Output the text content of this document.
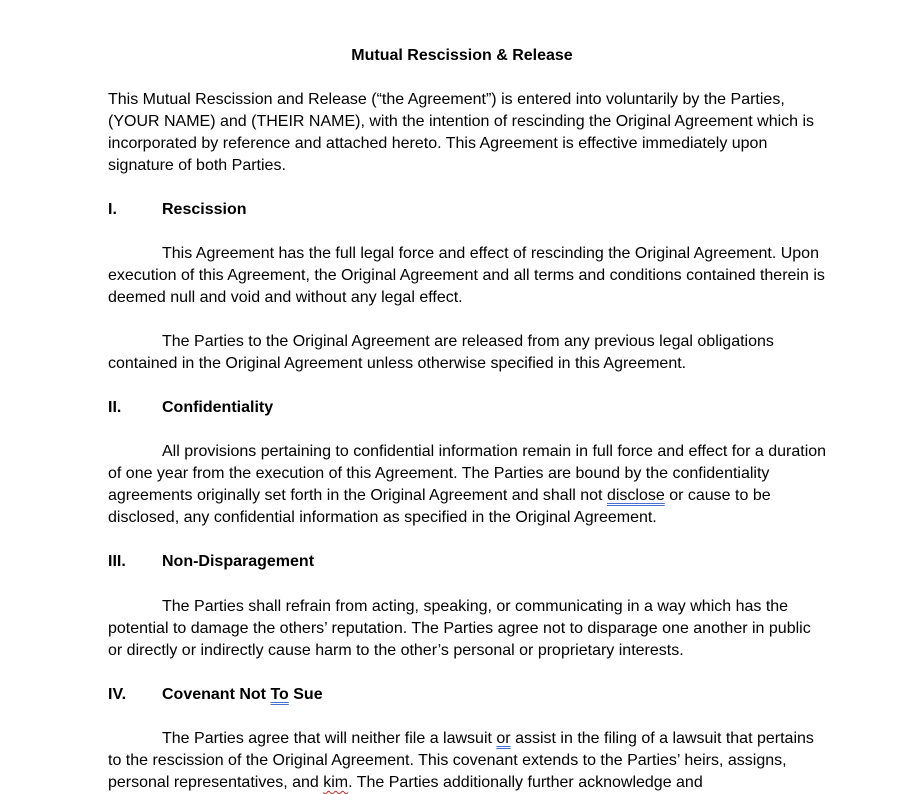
Mutual Rescission & Release
This Mutual Rescission and Release (“the Agreement”) is entered into voluntarily by the Parties, (YOUR NAME) and (THEIR NAME), with the intention of rescinding the Original Agreement which is incorporated by reference and attached hereto. This Agreement is effective immediately upon signature of both Parties.
I.	Rescission
This Agreement has the full legal force and effect of rescinding the Original Agreement. Upon execution of this Agreement, the Original Agreement and all terms and conditions contained therein is deemed null and void and without any legal effect.
The Parties to the Original Agreement are released from any previous legal obligations contained in the Original Agreement unless otherwise specified in this Agreement.
II.	Confidentiality
All provisions pertaining to confidential information remain in full force and effect for a duration of one year from the execution of this Agreement. The Parties are bound by the confidentiality agreements originally set forth in the Original Agreement and shall not disclose or cause to be disclosed, any confidential information as specified in the Original Agreement.
III. Non-Disparagement
The Parties shall refrain from acting, speaking, or communicating in a way which has the potential to damage the others’ reputation. The Parties agree not to disparage one another in public or directly or indirectly cause harm to the other’s personal or proprietary interests.
IV. Covenant Not To Sue
The Parties agree that will neither file a lawsuit or assist in the filing of a lawsuit that pertains to the rescission of the Original Agreement. This covenant extends to the Parties’ heirs, assigns, personal representatives, and kim. The Parties additionally further acknowledge and
